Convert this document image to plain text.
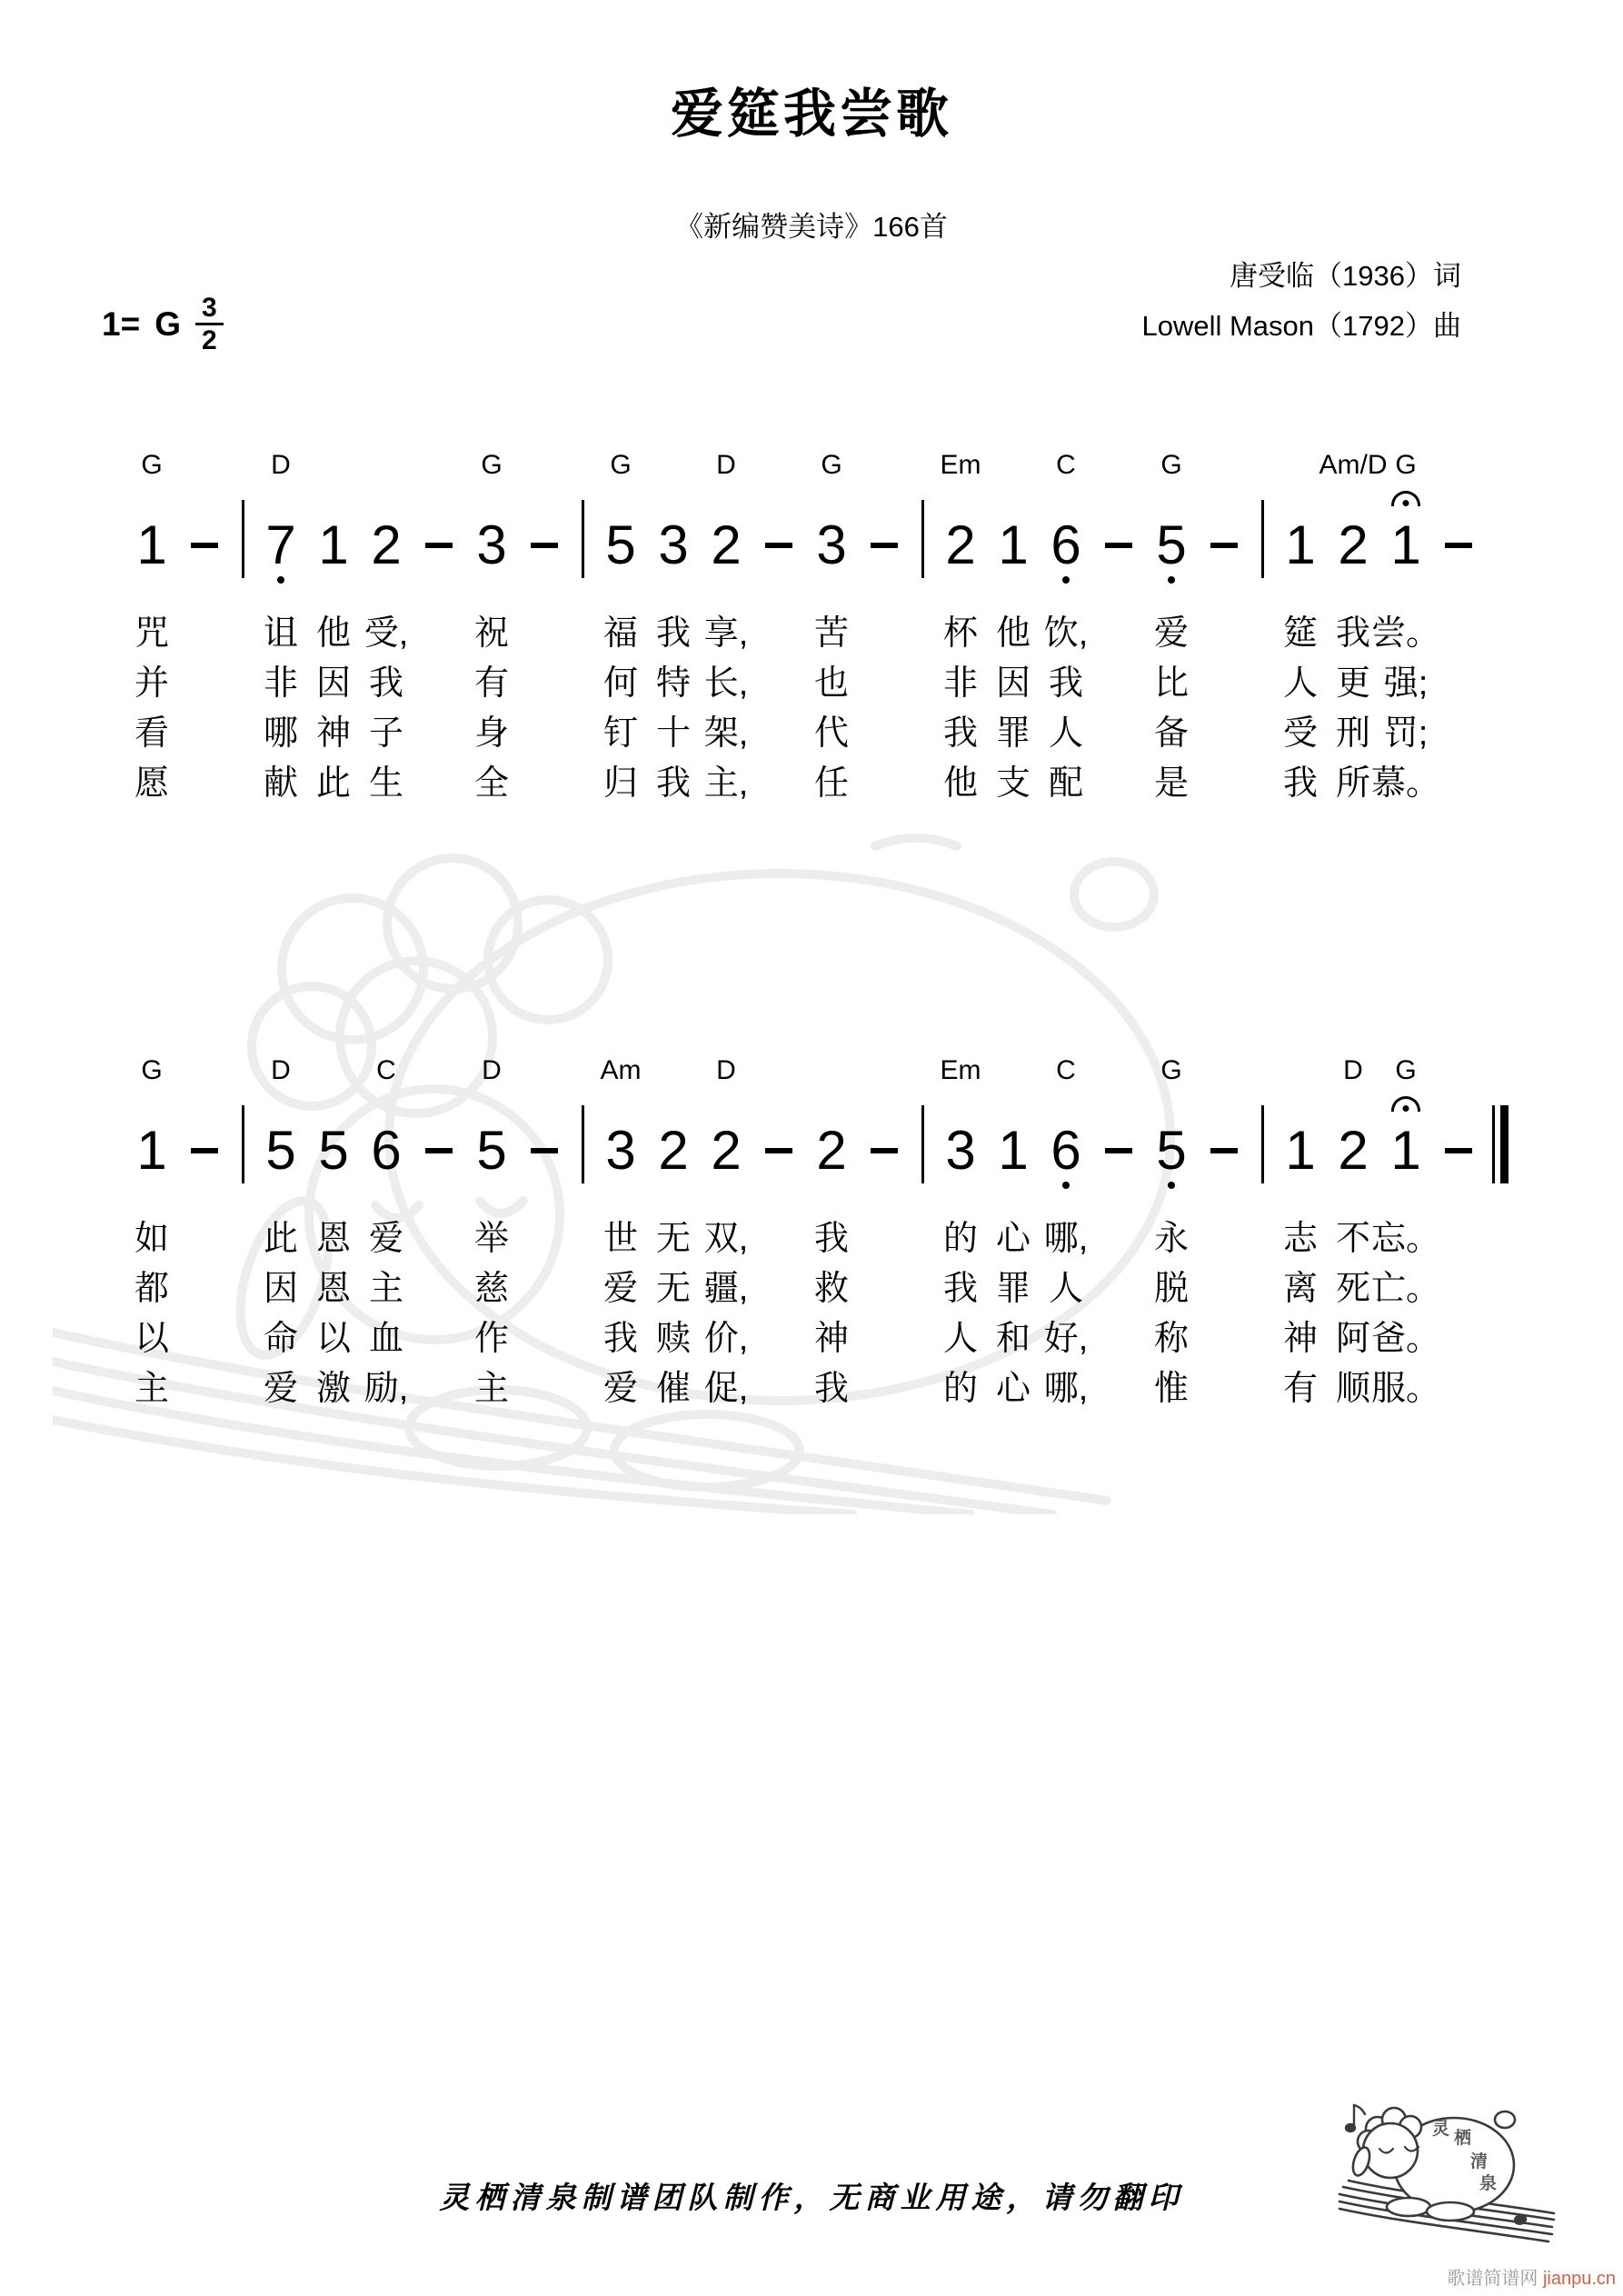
爱筵我尝歌
《新编赞美诗》166首
唐受临（1936）词
Lowell Mason（1792）曲
1= G $\frac{3}{2}$
G
1
咒
并
看
愿
D
7
诅
非
哪
献
1
他
因
神
此
2
受,
我
子
生
G
3
祝
有
身
全
G
5
福
何
钉
归
3
我
特
十
我
D
2
享,
长,
架,
主,
G
3
苦
也
代
任
Em
2
杯
非
我
他
1
他
因
罪
支
C
6
饮,
我
人
配
G
5
爱
比
备
是
1
筵
人
受
我
Am/D
2
我
更
刑
所
G
1
尝。
强;
罚;
慕。
G
1
如
都
以
主
D
5
此
因
命
爱
5
恩
恩
以
激
C
6
爱
主
血
励,
D
5
举
慈
作
主
Am
3
世
爱
我
爱
2
无
无
赎
催
D
2
双,
疆,
价,
促,
2
我
救
神
我
Em
3
的
我
人
的
1
心
罪
和
心
C
6
哪,
人
好,
哪,
G
5
永
脱
称
惟
1
志
离
神
有
D
2
不
死
阿
顺
G
1
忘。
亡。
爸。
服。
灵栖清泉制谱团队制作，无商业用途，请勿翻印
灵 栖
清
泉
歌谱简谱网 jianpu.cn
